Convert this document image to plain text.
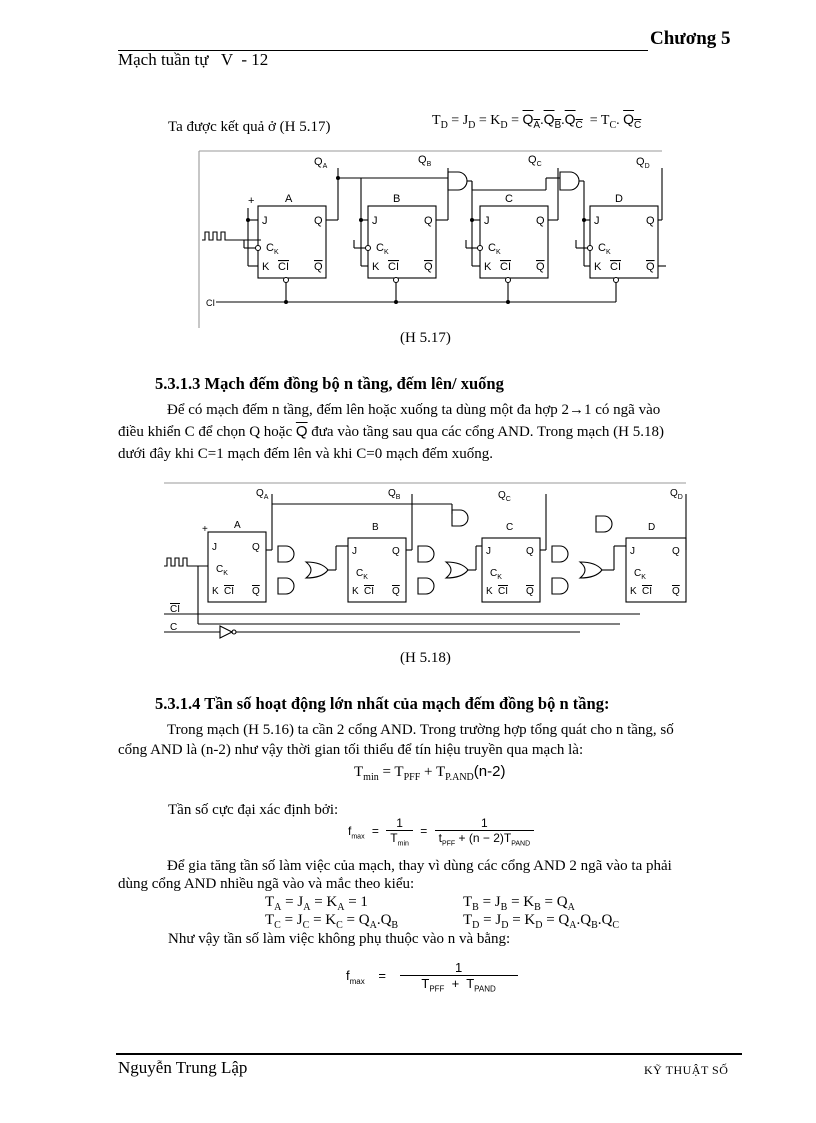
Chương 5
Mạch tuần tự   V  - 12

$T_D = J_D = K_D = \overline{Q}_{\overline{A}}.\overline{Q}_{\overline{B}}.\overline{Q}_{\overline{C}} = T_C$. $\overline{Q}_{\overline{C}}$

Ta được kết quả ở (H 5.17)
$Q_A$
$Q_B$	$Q_C$	$Q_D$
A	B	C	D
+
CI
J	Q
$C_K$
K CI Q
J	Q
$C_K$
K CI Q
J	Q
$C_K$
K CI Q
J	Q
$C_K$
K CI Q
(H 5.17)
5.3.1.3 Mạch đếm đồng bộ n tầng, đếm lên/ xuống
Để có mạch đếm n tầng, đếm lên hoặc xuống ta dùng một đa hợp 2→1 có ngã vào
điều khiển C để chọn Q hoặc $\overline{Q}$ đưa vào tầng sau qua các cổng AND. Trong mạch (H 5.18)
dưới đây khi C=1 mạch đếm lên và khi C=0 mạch đếm xuống.
$Q_A$	$Q_B$	$Q_C$
$Q_D$
A	B	C	D
+
J	Q
$C_K$
K CI Q
J	Q
$C_K$
K CI Q
J	Q
$C_K$
K CI Q
J	Q
$C_K$
K CI Q
CI
C
(H 5.18)
5.3.1.4 Tần số hoạt động lớn nhất của mạch đếm đồng bộ n tầng:
Trong mạch (H 5.16) ta cần 2 cổng AND. Trong trường hợp tổng quát cho n tầng, số
cổng AND là (n-2) như vậy thời gian tối thiểu để tín hiệu truyền qua mạch là:
$T_{min} = T_{PFF} + T_{P.AND}(n-2)$
Tần số cực đại xác định bởi:
$f_{max} = \frac{1}{T_{min}} = \frac{1}{t_{PFF} + (n - 2)T_{PAND}}$
Để gia tăng tần số làm việc của mạch, thay vì dùng các cổng AND 2 ngã vào ta phải
dùng cổng AND nhiều ngã vào và mắc theo kiểu:
$T_A = J_A = K_A = 1$	$T_B = J_B = K_B = Q_A$
$T_C = J_C = K_C = Q_A.Q_B$	$T_D = J_D = K_D = Q_A.Q_B.Q_C$
Như vậy tần số làm việc không phụ thuộc vào n và bằng:
$f_{max} = \frac{1}{T_{PFF} + T_{PAND}}$
Nguyễn Trung Lập	KỸ THUẬT SỐ
